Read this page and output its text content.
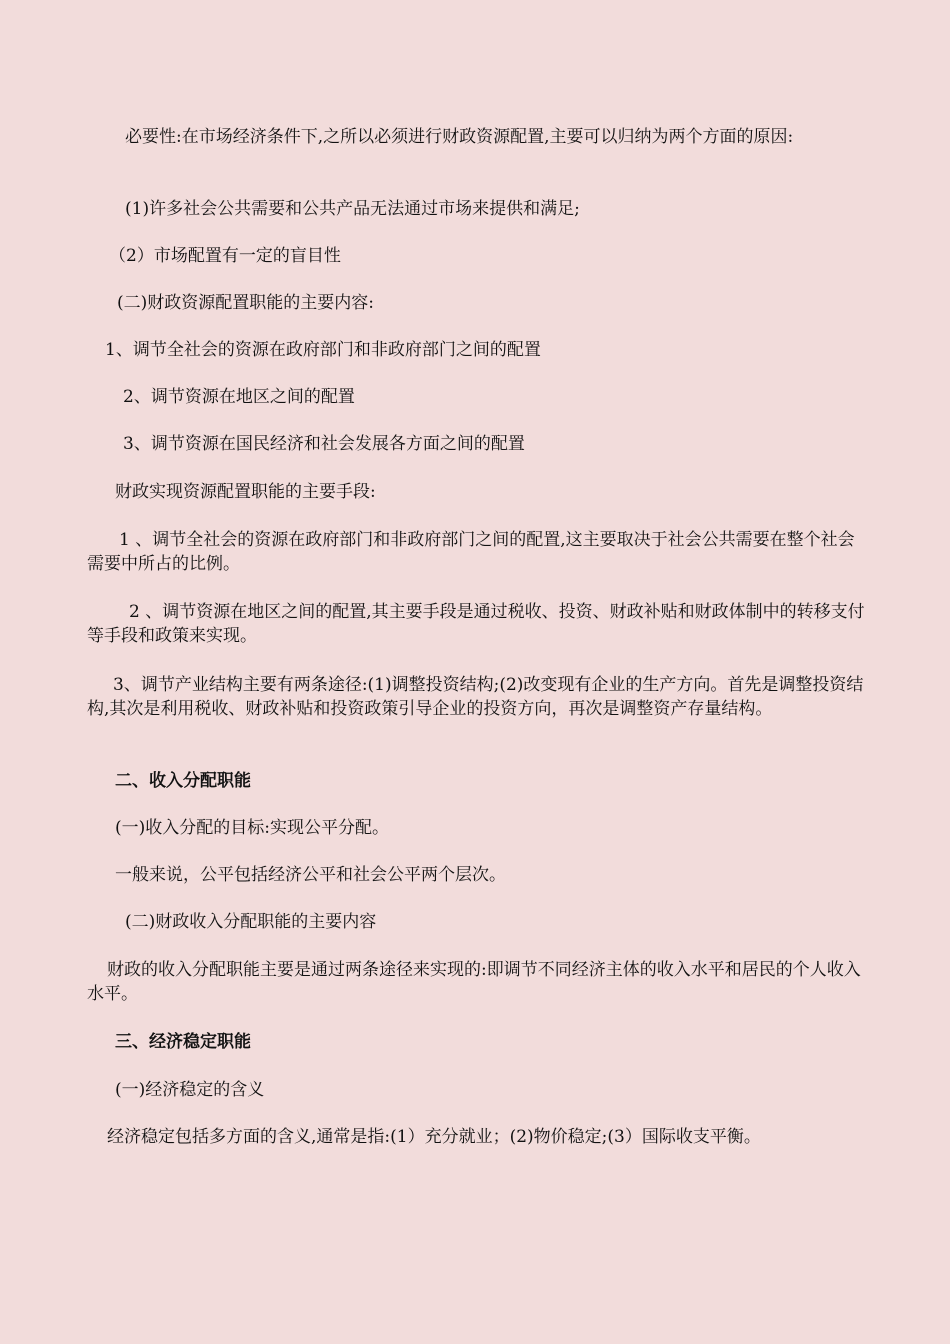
必要性:在市场经济条件下,之所以必须进行财政资源配置,主要可以归纳为两个方面的原因:

(1)许多社会公共需要和公共产品无法通过市场来提供和满足;

（2）市场配置有一定的盲目性

(二)财政资源配置职能的主要内容:

1、调节全社会的资源在政府部门和非政府部门之间的配置

2、调节资源在地区之间的配置

3、调节资源在国民经济和社会发展各方面之间的配置

财政实现资源配置职能的主要手段:

1 、调节全社会的资源在政府部门和非政府部门之间的配置,这主要取决于社会公共需要在整个社会需要中所占的比例。

2 、调节资源在地区之间的配置,其主要手段是通过税收、投资、财政补贴和财政体制中的转移支付等手段和政策来实现。

3、调节产业结构主要有两条途径:(1)调整投资结构;(2)改变现有企业的生产方向。首先是调整投资结构,其次是利用税收、财政补贴和投资政策引导企业的投资方向，再次是调整资产存量结构。

二、收入分配职能

(一)收入分配的目标:实现公平分配。

一般来说，公平包括经济公平和社会公平两个层次。

(二)财政收入分配职能的主要内容

财政的收入分配职能主要是通过两条途径来实现的:即调节不同经济主体的收入水平和居民的个人收入水平。

三、经济稳定职能

(一)经济稳定的含义

经济稳定包括多方面的含义,通常是指:(1）充分就业；(2)物价稳定;(3）国际收支平衡。
